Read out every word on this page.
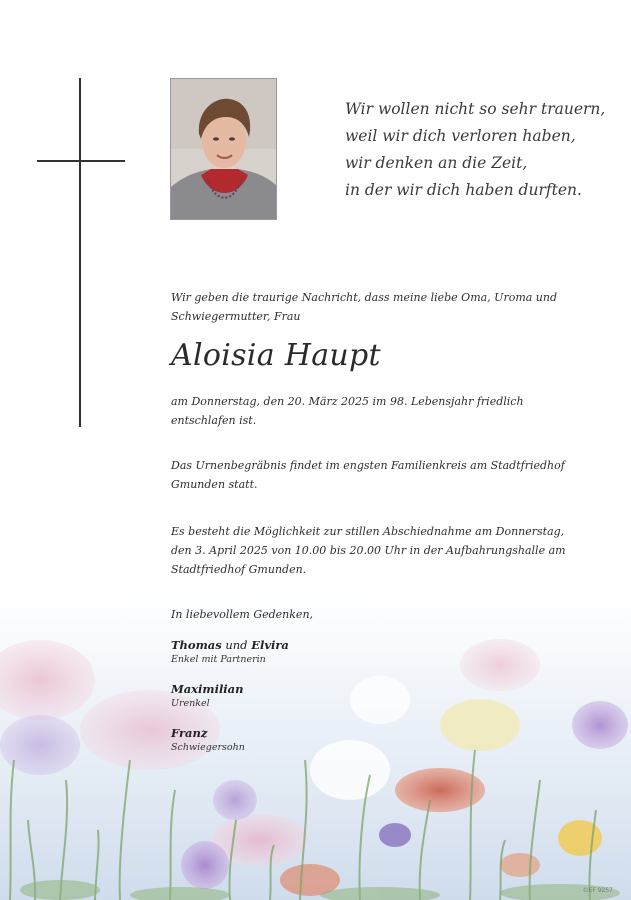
Wir wollen nicht so sehr trauern,
weil wir dich verloren haben,
wir denken an die Zeit,
in der wir dich haben durften.
Wir geben die traurige Nachricht, dass meine liebe Oma, Uroma und Schwiegermutter, Frau
Aloisia Haupt
am Donnerstag, den 20. März 2025 im 98. Lebensjahr friedlich entschlafen ist.
Das Urnenbegräbnis findet im engsten Familienkreis am Stadtfriedhof Gmunden statt.
Es besteht die Möglichkeit zur stillen Abschiednahme am Donnerstag, den 3. April 2025 von 10.00 bis 20.00 Uhr in der Aufbahrungshalle am Stadtfriedhof Gmunden.
In liebevollem Gedenken,
Thomas und Elvira
Enkel mit Partnerin
Maximilian
Urenkel
Franz
Schwiegersohn
©EF 9257
